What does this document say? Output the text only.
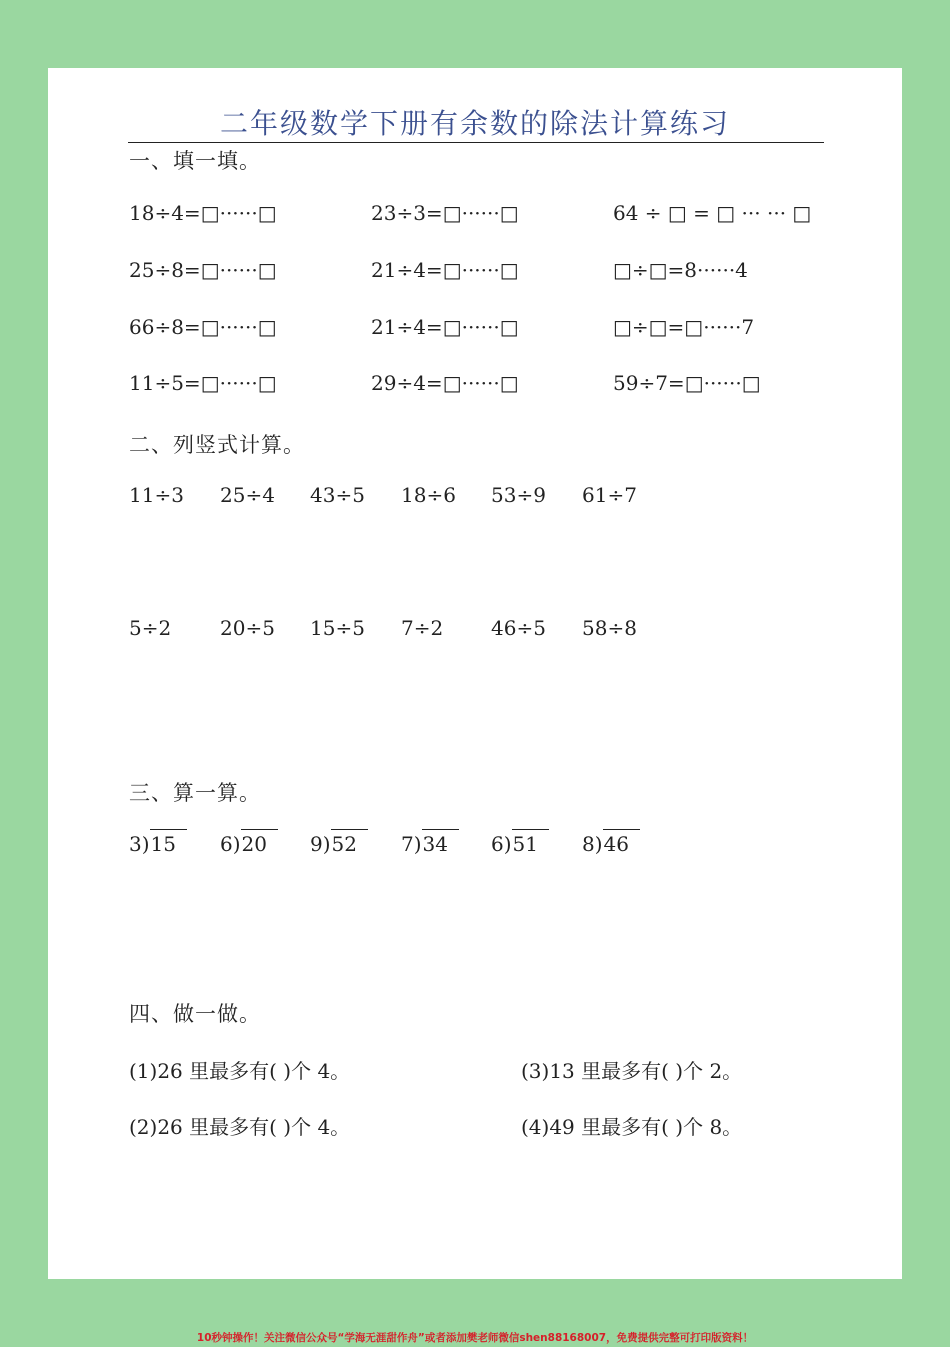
二年级数学下册有余数的除法计算练习
一、填一填。
18÷4=□······□	23÷3=□······□	64 ÷ □ = □ ··· ··· □
25÷8=□······□	21÷4=□······□	□÷□=8······4
66÷8=□······□	21÷4=□······□	□÷□=□······7
11÷5=□······□	29÷4=□······□	59÷7=□······□
二、列竖式计算。
11÷3 25÷4 43÷5 18÷6 53÷9 61÷7
5÷2 20÷5 15÷5 7÷2 46÷5 58÷8
三、算一算。
3)15 6)20 9)52 7)34 6)51 8)46
四、做一做。
(1)26 里最多有( )个 4。	(3)13 里最多有( )个 2。
(2)26 里最多有( )个 4。	(4)49 里最多有( )个 8。
10秒钟操作！关注微信公众号“学海无涯甜作舟”或者添加樊老师微信shen88168007，免费提供完整可打印版资料！
